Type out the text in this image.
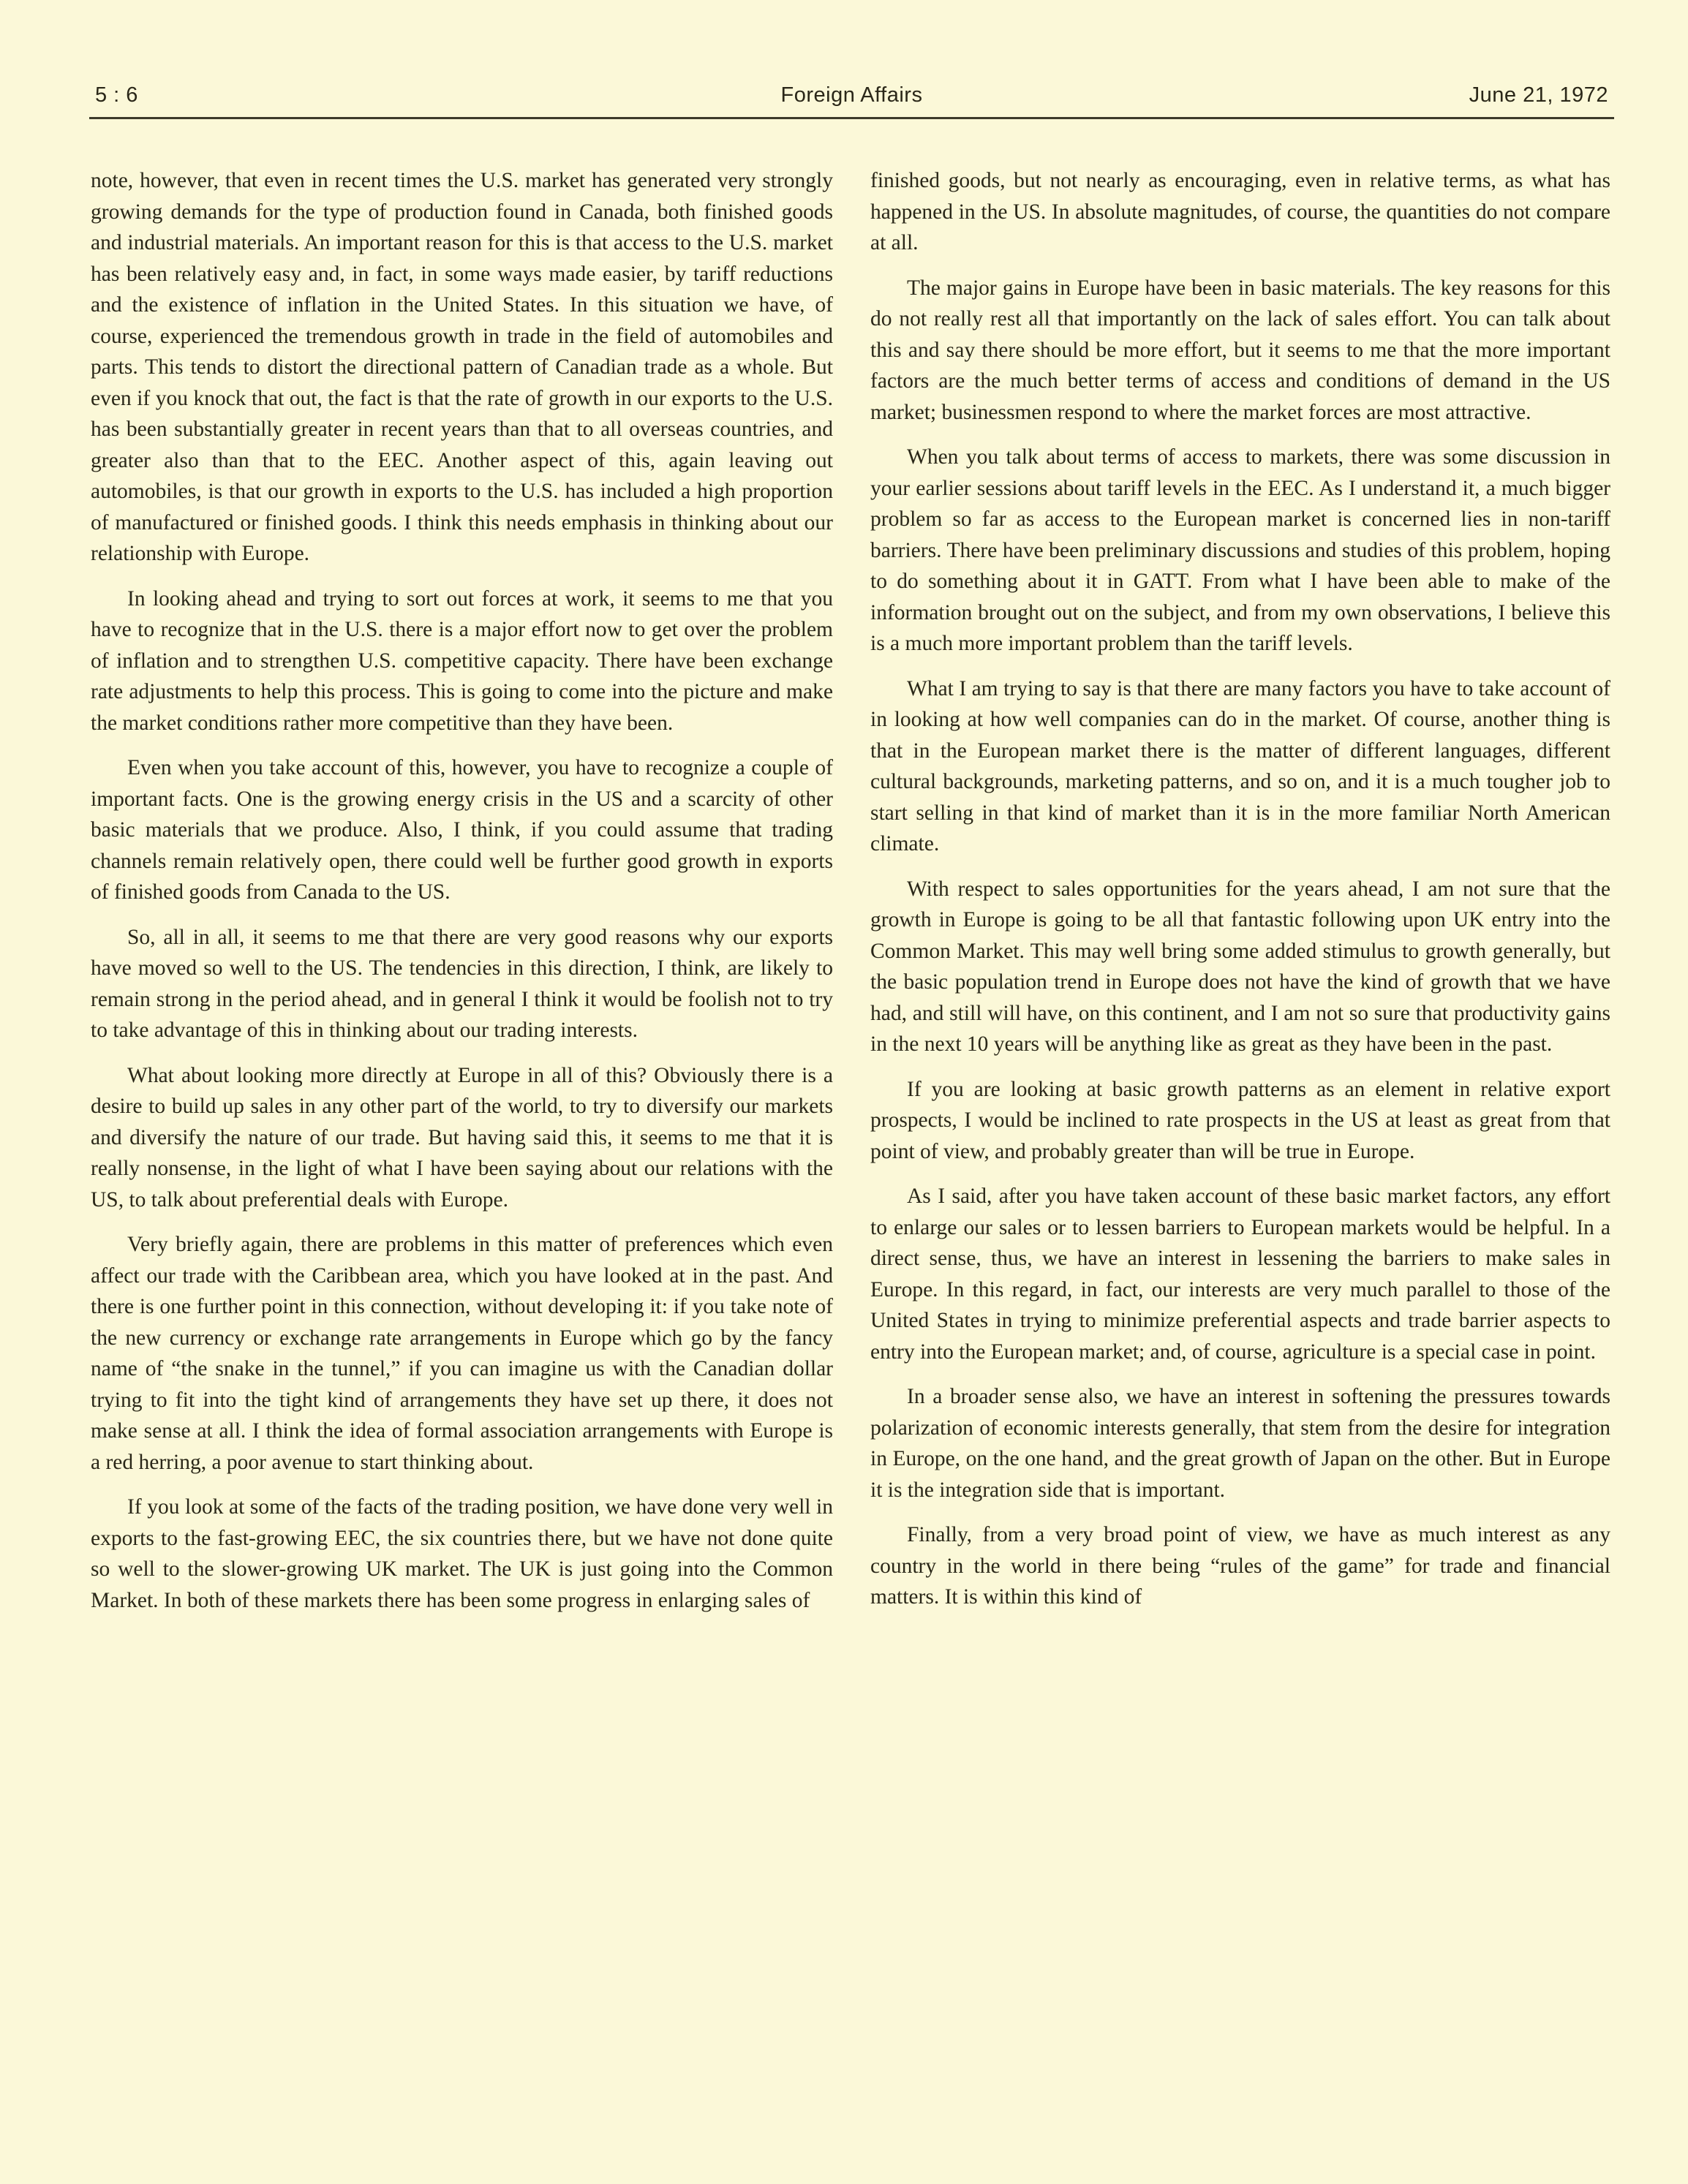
5 : 6	Foreign Affairs	June 21, 1972

note, however, that even in recent times the U.S. market has generated very strongly growing demands for the type of production found in Canada, both finished goods and industrial materials. An important reason for this is that access to the U.S. market has been relatively easy and, in fact, in some ways made easier, by tariff reductions and the existence of inflation in the United States. In this situation we have, of course, experienced the tremendous growth in trade in the field of automobiles and parts. This tends to distort the directional pattern of Canadian trade as a whole. But even if you knock that out, the fact is that the rate of growth in our exports to the U.S. has been substantially greater in recent years than that to all overseas countries, and greater also than that to the EEC. Another aspect of this, again leaving out automobiles, is that our growth in exports to the U.S. has included a high proportion of manufactured or finished goods. I think this needs emphasis in thinking about our relationship with Europe.

In looking ahead and trying to sort out forces at work, it seems to me that you have to recognize that in the U.S. there is a major effort now to get over the problem of inflation and to strengthen U.S. competitive capacity. There have been exchange rate adjustments to help this process. This is going to come into the picture and make the market conditions rather more competitive than they have been.

Even when you take account of this, however, you have to recognize a couple of important facts. One is the growing energy crisis in the US and a scarcity of other basic materials that we produce. Also, I think, if you could assume that trading channels remain relatively open, there could well be further good growth in exports of finished goods from Canada to the US.

So, all in all, it seems to me that there are very good reasons why our exports have moved so well to the US. The tendencies in this direction, I think, are likely to remain strong in the period ahead, and in general I think it would be foolish not to try to take advantage of this in thinking about our trading interests.

What about looking more directly at Europe in all of this? Obviously there is a desire to build up sales in any other part of the world, to try to diversify our markets and diversify the nature of our trade. But having said this, it seems to me that it is really nonsense, in the light of what I have been saying about our relations with the US, to talk about preferential deals with Europe.

Very briefly again, there are problems in this matter of preferences which even affect our trade with the Caribbean area, which you have looked at in the past. And there is one further point in this connection, without developing it: if you take note of the new currency or exchange rate arrangements in Europe which go by the fancy name of “the snake in the tunnel,” if you can imagine us with the Canadian dollar trying to fit into the tight kind of arrangements they have set up there, it does not make sense at all. I think the idea of formal association arrangements with Europe is a red herring, a poor avenue to start thinking about.

If you look at some of the facts of the trading position, we have done very well in exports to the fast-growing EEC, the six countries there, but we have not done quite so well to the slower-growing UK market. The UK is just going into the Common Market. In both of these markets there has been some progress in enlarging sales of

finished goods, but not nearly as encouraging, even in relative terms, as what has happened in the US. In absolute magnitudes, of course, the quantities do not compare at all.

The major gains in Europe have been in basic materials. The key reasons for this do not really rest all that importantly on the lack of sales effort. You can talk about this and say there should be more effort, but it seems to me that the more important factors are the much better terms of access and conditions of demand in the US market; businessmen respond to where the market forces are most attractive.

When you talk about terms of access to markets, there was some discussion in your earlier sessions about tariff levels in the EEC. As I understand it, a much bigger problem so far as access to the European market is concerned lies in non-tariff barriers. There have been preliminary discussions and studies of this problem, hoping to do something about it in GATT. From what I have been able to make of the information brought out on the subject, and from my own observations, I believe this is a much more important problem than the tariff levels.

What I am trying to say is that there are many factors you have to take account of in looking at how well companies can do in the market. Of course, another thing is that in the European market there is the matter of different languages, different cultural backgrounds, marketing patterns, and so on, and it is a much tougher job to start selling in that kind of market than it is in the more familiar North American climate.

With respect to sales opportunities for the years ahead, I am not sure that the growth in Europe is going to be all that fantastic following upon UK entry into the Common Market. This may well bring some added stimulus to growth generally, but the basic population trend in Europe does not have the kind of growth that we have had, and still will have, on this continent, and I am not so sure that productivity gains in the next 10 years will be anything like as great as they have been in the past.

If you are looking at basic growth patterns as an element in relative export prospects, I would be inclined to rate prospects in the US at least as great from that point of view, and probably greater than will be true in Europe.

As I said, after you have taken account of these basic market factors, any effort to enlarge our sales or to lessen barriers to European markets would be helpful. In a direct sense, thus, we have an interest in lessening the barriers to make sales in Europe. In this regard, in fact, our interests are very much parallel to those of the United States in trying to minimize preferential aspects and trade barrier aspects to entry into the European market; and, of course, agriculture is a special case in point.

In a broader sense also, we have an interest in softening the pressures towards polarization of economic interests generally, that stem from the desire for integration in Europe, on the one hand, and the great growth of Japan on the other. But in Europe it is the integration side that is important.

Finally, from a very broad point of view, we have as much interest as any country in the world in there being “rules of the game” for trade and financial matters. It is within this kind of
